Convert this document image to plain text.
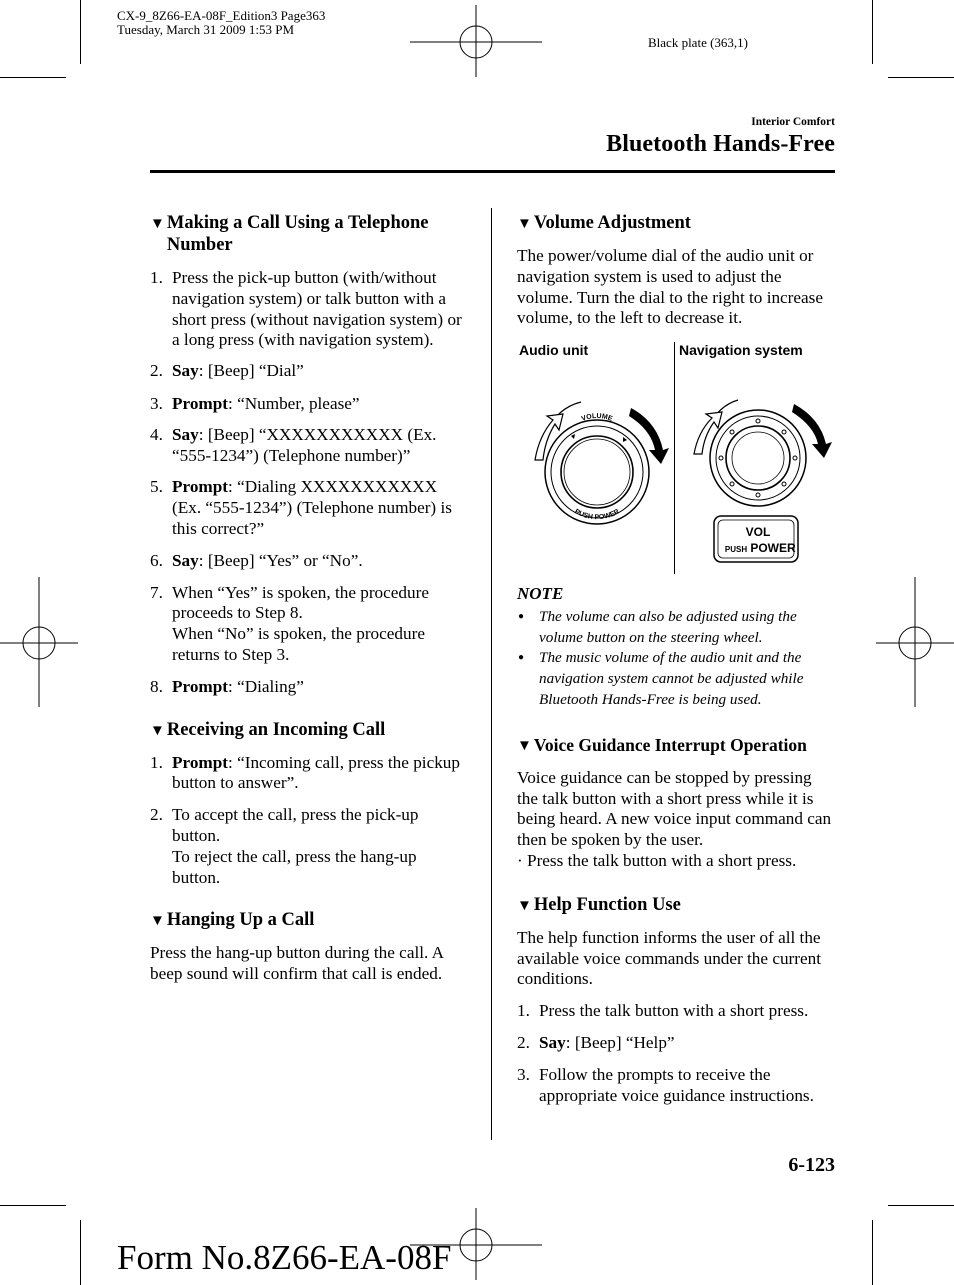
CX-9_8Z66-EA-08F_Edition3 Page363
Tuesday, March 31 2009 1:53 PM
Black plate (363,1)
Interior Comfort
Bluetooth Hands-Free
▼ Making a Call Using a Telephone Number
1. Press the pick-up button (with/without navigation system) or talk button with a short press (without navigation system) or a long press (with navigation system).
2. Say: [Beep] “Dial”
3. Prompt: “Number, please”
4. Say: [Beep] “XXXXXXXXXXX (Ex. “555-1234”) (Telephone number)”
5. Prompt: “Dialing XXXXXXXXXXX (Ex. “555-1234”) (Telephone number) is this correct?”
6. Say: [Beep] “Yes” or “No”.
7. When “Yes” is spoken, the procedure proceeds to Step 8.
When “No” is spoken, the procedure returns to Step 3.
8. Prompt: “Dialing”
▼ Receiving an Incoming Call
1. Prompt: “Incoming call, press the pickup button to answer”.
2. To accept the call, press the pick-up button.
To reject the call, press the hang-up button.
▼ Hanging Up a Call

Press the hang-up button during the call. A beep sound will confirm that call is ended.

▼ Volume Adjustment

The power/volume dial of the audio unit or navigation system is used to adjust the volume. Turn the dial to the right to increase volume, to the left to decrease it.

Audio unit	Navigation system
VOLUME
PUSH POWER
VOL
PUSH POWER
NOTE
● The volume can also be adjusted using the volume button on the steering wheel.
● The music volume of the audio unit and the navigation system cannot be adjusted while Bluetooth Hands-Free is being used.
▼ Voice Guidance Interrupt Operation

Voice guidance can be stopped by pressing the talk button with a short press while it is being heard. A new voice input command can then be spoken by the user.

· Press the talk button with a short press.

▼ Help Function Use

The help function informs the user of all the available voice commands under the current conditions.

1. Press the talk button with a short press.
2. Say: [Beep] “Help”
3. Follow the prompts to receive the appropriate voice guidance instructions.
6-123
Form No.8Z66-EA-08F
